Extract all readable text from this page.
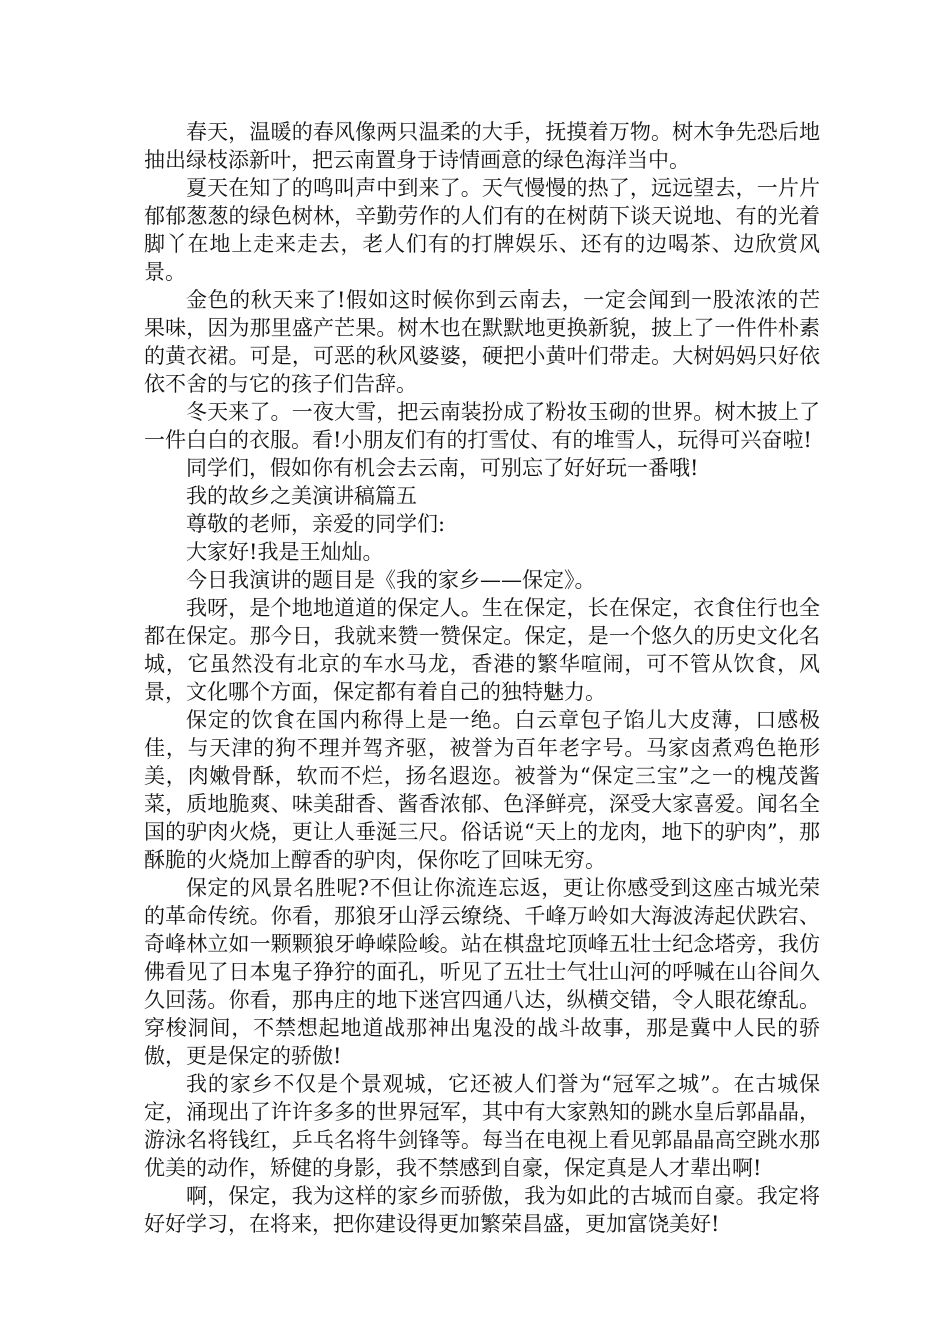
春天，温暖的春风像两只温柔的大手，抚摸着万物。树木争先恐后地抽出绿枝添新叶，把云南置身于诗情画意的绿色海洋当中。

夏天在知了的鸣叫声中到来了。天气慢慢的热了，远远望去，一片片郁郁葱葱的绿色树林，辛勤劳作的人们有的在树荫下谈天说地、有的光着脚丫在地上走来走去，老人们有的打牌娱乐、还有的边喝茶、边欣赏风景。

金色的秋天来了!假如这时候你到云南去，一定会闻到一股浓浓的芒果味，因为那里盛产芒果。树木也在默默地更换新貌，披上了一件件朴素的黄衣裙。可是，可恶的秋风婆婆，硬把小黄叶们带走。大树妈妈只好依依不舍的与它的孩子们告辞。

冬天来了。一夜大雪，把云南装扮成了粉妆玉砌的世界。树木披上了一件白白的衣服。看!小朋友们有的打雪仗、有的堆雪人，玩得可兴奋啦!

同学们，假如你有机会去云南，可别忘了好好玩一番哦!

我的故乡之美演讲稿篇五

尊敬的老师，亲爱的同学们:

大家好!我是王灿灿。

今日我演讲的题目是《我的家乡——保定》。

我呀，是个地地道道的保定人。生在保定，长在保定，衣食住行也全都在保定。那今日，我就来赞一赞保定。保定，是一个悠久的历史文化名城，它虽然没有北京的车水马龙，香港的繁华喧闹，可不管从饮食，风景，文化哪个方面，保定都有着自己的独特魅力。

保定的饮食在国内称得上是一绝。白云章包子馅儿大皮薄，口感极佳，与天津的狗不理并驾齐驱，被誉为百年老字号。马家卤煮鸡色艳形美，肉嫩骨酥，软而不烂，扬名遐迩。被誉为“保定三宝”之一的槐茂酱菜，质地脆爽、味美甜香、酱香浓郁、色泽鲜亮，深受大家喜爱。闻名全国的驴肉火烧，更让人垂涎三尺。俗话说“天上的龙肉，地下的驴肉”，那酥脆的火烧加上醇香的驴肉，保你吃了回味无穷。

保定的风景名胜呢?不但让你流连忘返，更让你感受到这座古城光荣的革命传统。你看，那狼牙山浮云缭绕、千峰万岭如大海波涛起伏跌宕、奇峰林立如一颗颗狼牙峥嵘险峻。站在棋盘坨顶峰五壮士纪念塔旁，我仿佛看见了日本鬼子狰狞的面孔，听见了五壮士气壮山河的呼喊在山谷间久久回荡。你看，那冉庄的地下迷宫四通八达，纵横交错，令人眼花缭乱。穿梭洞间，不禁想起地道战那神出鬼没的战斗故事，那是冀中人民的骄傲，更是保定的骄傲!

我的家乡不仅是个景观城，它还被人们誉为“冠军之城”。在古城保定，涌现出了许许多多的世界冠军，其中有大家熟知的跳水皇后郭晶晶，游泳名将钱红，乒乓名将牛剑锋等。每当在电视上看见郭晶晶高空跳水那优美的动作，矫健的身影，我不禁感到自豪，保定真是人才辈出啊!

啊，保定，我为这样的家乡而骄傲，我为如此的古城而自豪。我定将好好学习，在将来，把你建设得更加繁荣昌盛，更加富饶美好!
